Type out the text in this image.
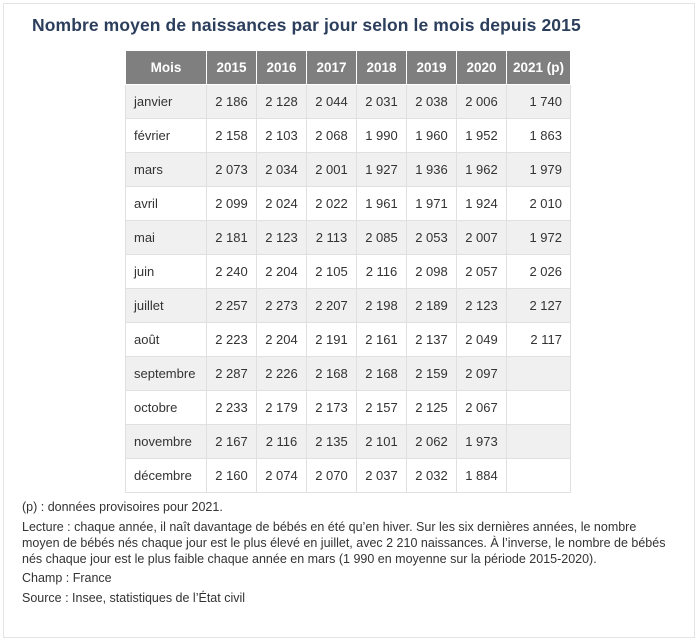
Nombre moyen de naissances par jour selon le mois depuis 2015
Mois	2015	2016	2017	2018	2019	2020	2021 (p)
janvier	2 186	2 128	2 044	2 031	2 038	2 006	1 740
février	2 158	2 103	2 068	1 990	1 960	1 952	1 863
mars	2 073	2 034	2 001	1 927	1 936	1 962	1 979
avril	2 099	2 024	2 022	1 961	1 971	1 924	2 010
mai	2 181	2 123	2 113	2 085	2 053	2 007	1 972
juin	2 240	2 204	2 105	2 116	2 098	2 057	2 026
juillet	2 257	2 273	2 207	2 198	2 189	2 123	2 127
août	2 223	2 204	2 191	2 161	2 137	2 049	2 117
septembre	2 287	2 226	2 168	2 168	2 159	2 097	
octobre	2 233	2 179	2 173	2 157	2 125	2 067	
novembre	2 167	2 116	2 135	2 101	2 062	1 973	
décembre	2 160	2 074	2 070	2 037	2 032	1 884	

(p) : données provisoires pour 2021.

Lecture : chaque année, il naît davantage de bébés en été qu’en hiver. Sur les six dernières années, le nombre moyen de bébés nés chaque jour est le plus élevé en juillet, avec 2 210 naissances. À l’inverse, le nombre de bébés nés chaque jour est le plus faible chaque année en mars (1 990 en moyenne sur la période 2015-2020).

Champ : France

Source : Insee, statistiques de l’État civil
